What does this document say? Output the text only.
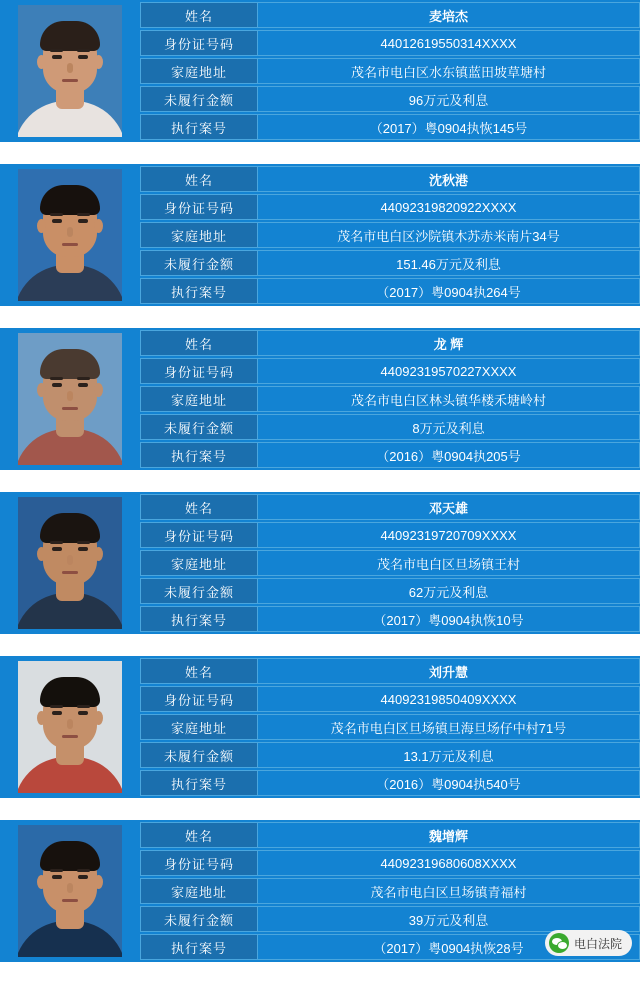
姓名	麦培杰
身份证号码	44012619550314XXXX
家庭地址	茂名市电白区水东镇蓝田坡草塘村
未履行金额	96万元及利息
执行案号	（2017）粤0904执恢145号
姓名	沈秋港
身份证号码	44092319820922XXXX
家庭地址	茂名市电白区沙院镇木苏赤米南片34号
未履行金额	151.46万元及利息
执行案号	（2017）粤0904执264号
姓名	龙 辉
身份证号码	44092319570227XXXX
家庭地址	茂名市电白区林头镇华楼禾塘岭村
未履行金额	8万元及利息
执行案号	（2016）粤0904执205号
姓名	邓天雄
身份证号码	44092319720709XXXX
家庭地址	茂名市电白区旦场镇王村
未履行金额	62万元及利息
执行案号	（2017）粤0904执恢10号
姓名	刘升慧
身份证号码	44092319850409XXXX
家庭地址	茂名市电白区旦场镇旦海旦场仔中村71号
未履行金额	13.1万元及利息
执行案号	（2016）粤0904执540号
姓名	魏增辉
身份证号码	44092319680608XXXX
家庭地址	茂名市电白区旦场镇青福村
未履行金额	39万元及利息
执行案号	（2017）粤0904执恢28号	电白法院
